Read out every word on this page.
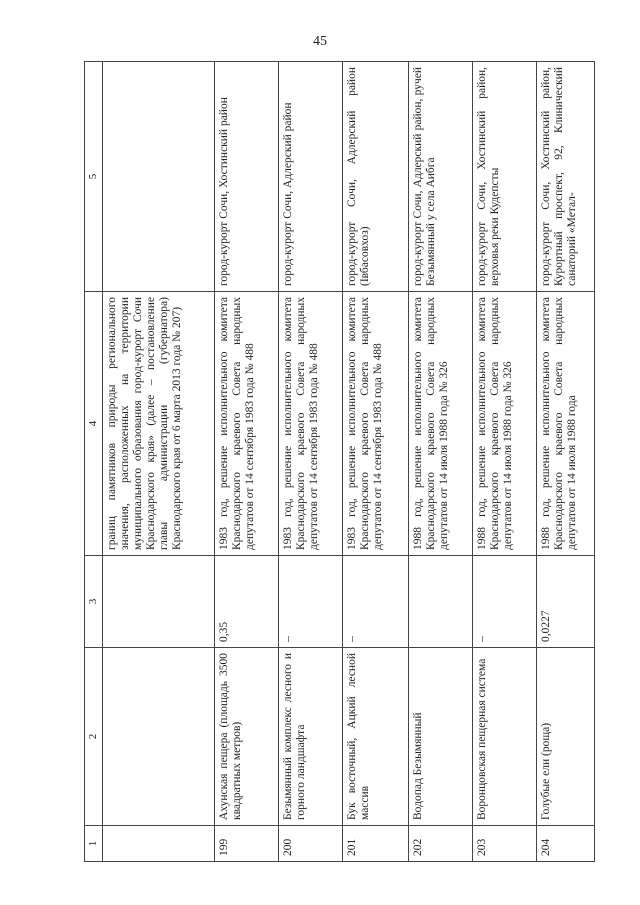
45
1	2	3	4	5
			границ памятников природы регионального значения, расположенных на территории муниципального образования город-курорт Сочи Краснодарского края» (далее – постановление главы администрации (губернатора) Краснодарского края от 6 марта 2013 года № 207)	
199	Ахунская пещера (площадь 3500 квадратных метров)	0,35	1983 год, решение исполнительного комитета Краснодарского краевого Совета народных депутатов от 14 сентября 1983 года № 488	город-курорт Сочи, Хостинский район
200	Безымянный комплекс лесного и горного ландшафта	–	1983 год, решение исполнительного комитета Краснодарского краевого Совета народных депутатов от 14 сентября 1983 года № 488	город-курорт Сочи, Адлерский район
201	Бук восточный, Ацкий лесной массив	–	1983 год, решение исполнительного комитета Краснодарского краевого Совета народных депутатов от 14 сентября 1983 года № 488	город-курорт Сочи, Адлерский район (Івбасовхоз)
202	Водопад Безымянный		1988 год, решение исполнительного комитета Краснодарского краевого Совета народных депутатов от 14 июля 1988 года № 326	город-курорт Сочи, Адлерский район, ручей Безымянный у села Аибга
203	Воронцовская пещерная система	–	1988 год, решение исполнительного комитета Краснодарского краевого Совета народных депутатов от 14 июля 1988 года № 326	город-курорт Сочи, Хостинский район, верховья реки Кудепсты
204	Голубые ели (роща)	0,0227	1988 год, решение исполнительного комитета Краснодарского краевого Совета народных депутатов от 14 июля 1988 года	город-курорт Сочи, Хостинский район, Курортный проспект, 92, Клинический санаторий «Метал-
